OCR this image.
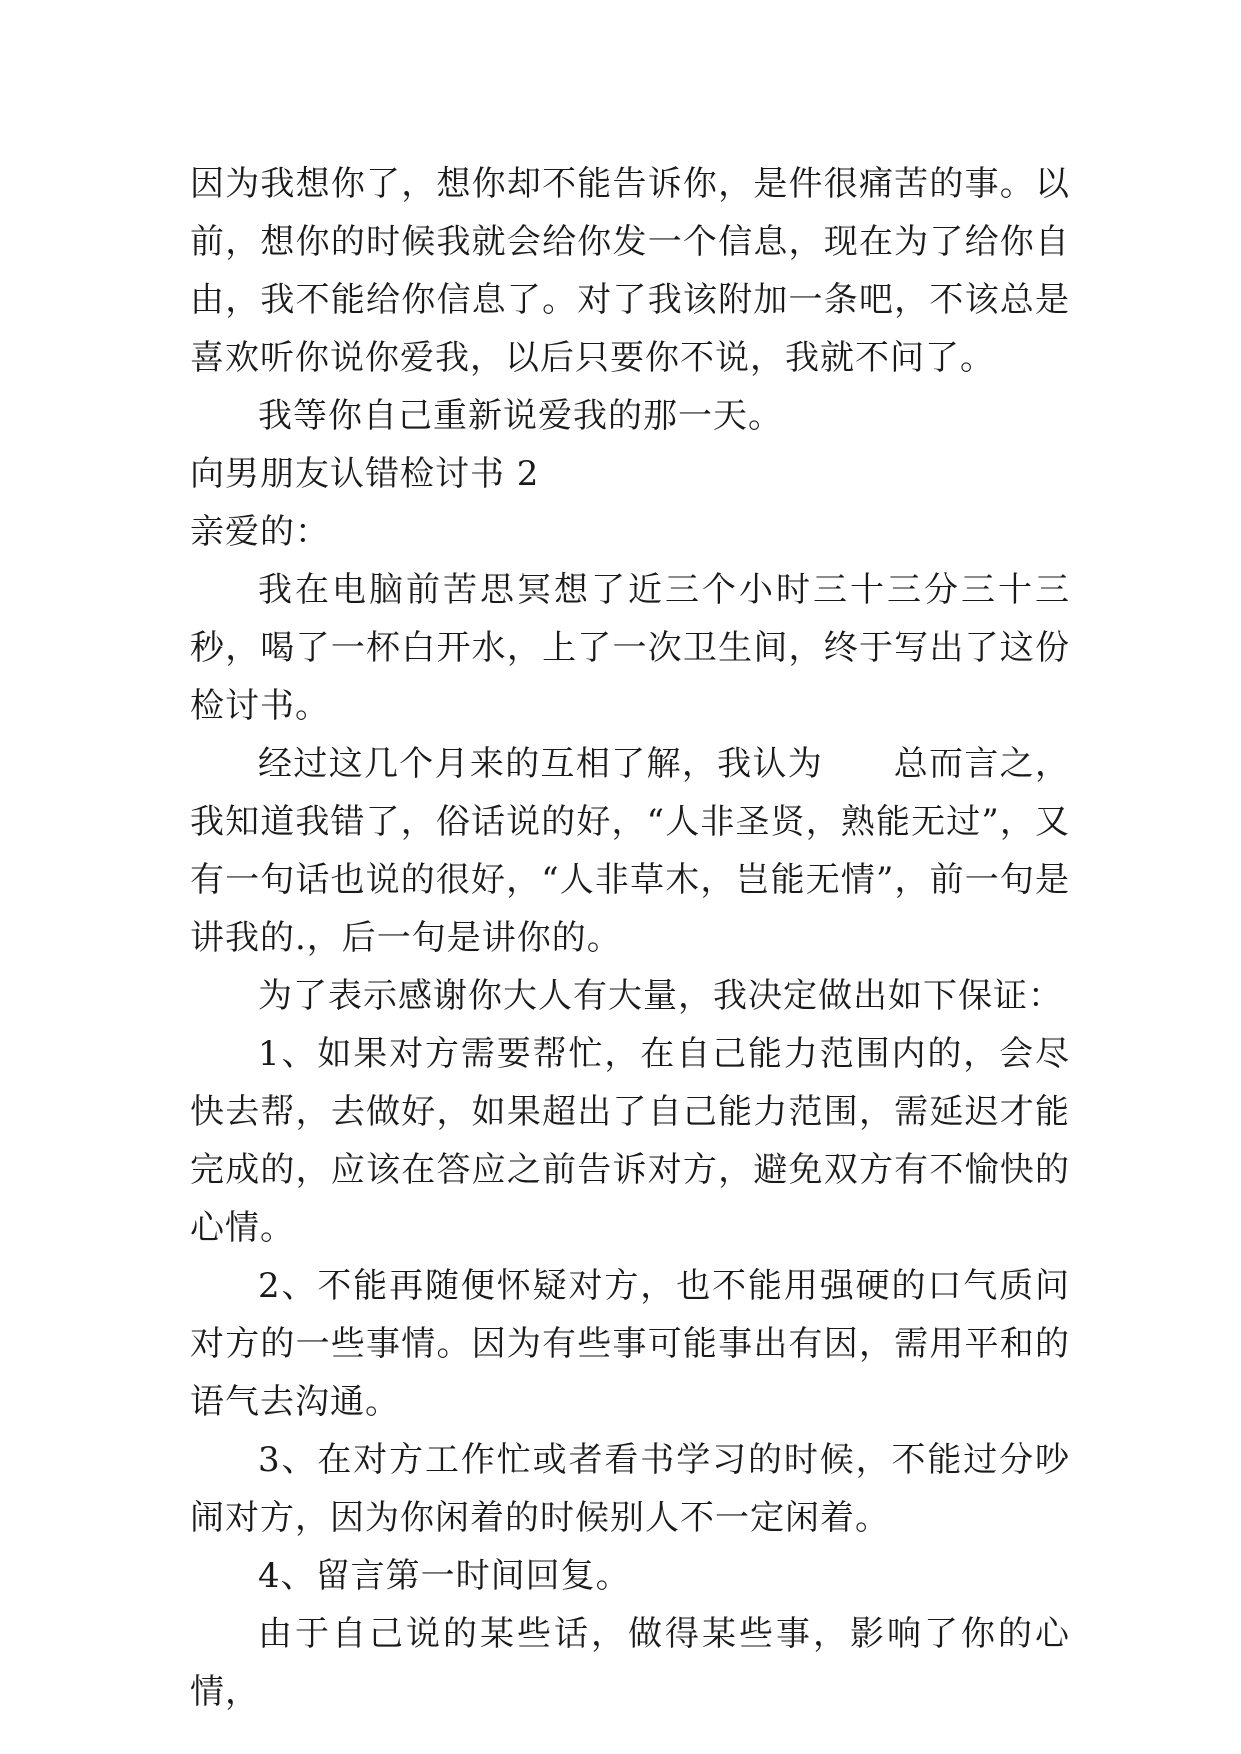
因为我想你了，想你却不能告诉你，是件很痛苦的事。以前，想你的时候我就会给你发一个信息，现在为了给你自由，我不能给你信息了。对了我该附加一条吧，不该总是喜欢听你说你爱我，以后只要你不说，我就不问了。

我等你自己重新说爱我的那一天。

向男朋友认错检讨书 2

亲爱的：

我在电脑前苦思冥想了近三个小时三十三分三十三秒，喝了一杯白开水，上了一次卫生间，终于写出了这份检讨书。

经过这几个月来的互相了解，我认为　　总而言之，我知道我错了，俗话说的好，“人非圣贤，熟能无过”，又有一句话也说的很好，“人非草木，岂能无情”，前一句是讲我的.，后一句是讲你的。

为了表示感谢你大人有大量，我决定做出如下保证：

1、如果对方需要帮忙，在自己能力范围内的，会尽快去帮，去做好，如果超出了自己能力范围，需延迟才能完成的，应该在答应之前告诉对方，避免双方有不愉快的心情。

2、不能再随便怀疑对方，也不能用强硬的口气质问对方的一些事情。因为有些事可能事出有因，需用平和的语气去沟通。

3、在对方工作忙或者看书学习的时候，不能过分吵闹对方，因为你闲着的时候别人不一定闲着。

4、留言第一时间回复。

由于自己说的某些话，做得某些事，影响了你的心情，
